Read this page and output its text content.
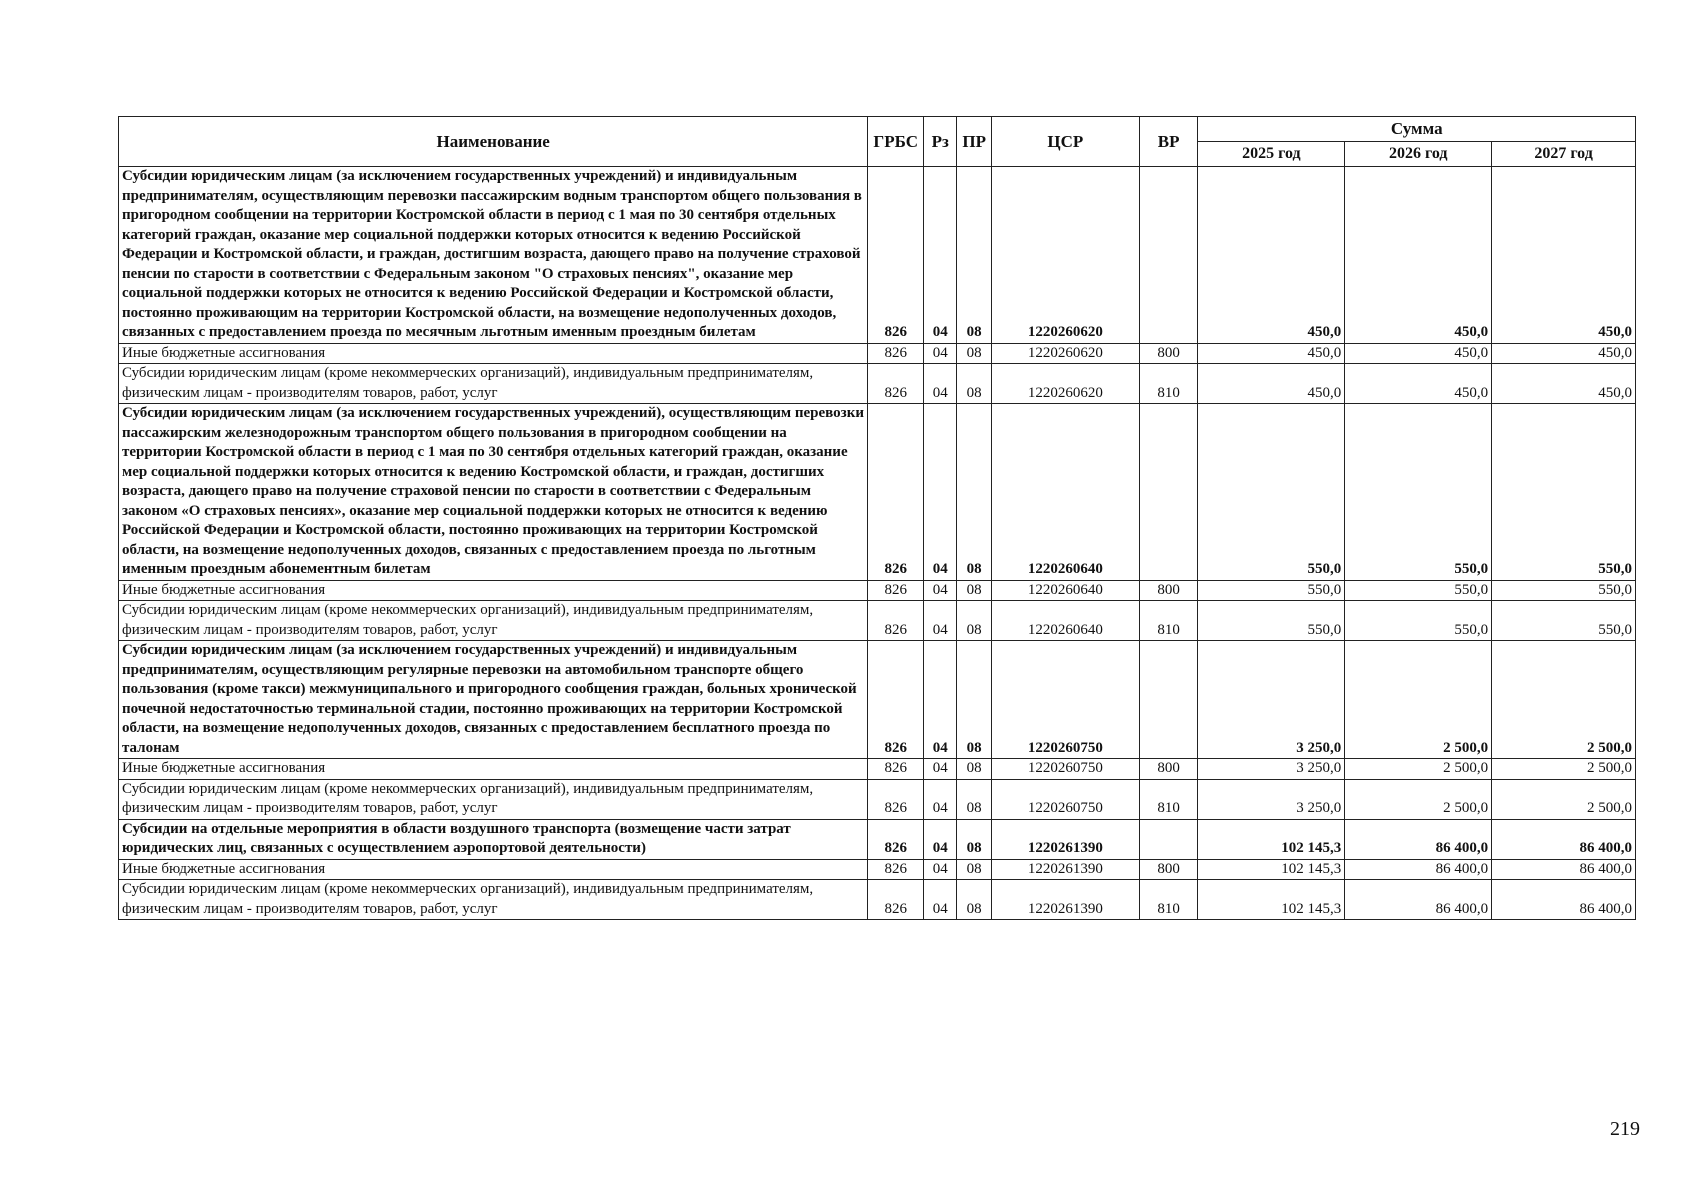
Наименование	ГРБС	Рз	ПР	ЦСР	ВР	Сумма		
						2025 год	2026 год	2027 год
Субсидии юридическим лицам (за исключением государственных учреждений) и индивидуальным предпринимателям, осуществляющим перевозки пассажирским водным транспортом общего пользования в пригородном сообщении на территории Костромской области в период с 1 мая по 30 сентября отдельных категорий граждан, оказание мер социальной поддержки которых относится к ведению Российской Федерации и Костромской области, и граждан, достигшим возраста, дающего право на получение страховой пенсии по старости в соответствии с Федеральным законом "О страховых пенсиях", оказание мер социальной поддержки которых не относится к ведению Российской Федерации и Костромской области, постоянно проживающим на территории Костромской области, на возмещение недополученных доходов, связанных с предоставлением проезда по месячным льготным именным проездным билетам	826	04	08	1220260620		450,0	450,0	450,0
Иные бюджетные ассигнования	826	04	08	1220260620	800	450,0	450,0	450,0
Субсидии юридическим лицам (кроме некоммерческих организаций), индивидуальным предпринимателям, физическим лицам - производителям товаров, работ, услуг	826	04	08	1220260620	810	450,0	450,0	450,0
Субсидии юридическим лицам (за исключением государственных учреждений), осуществляющим перевозки пассажирским железнодорожным транспортом общего пользования в пригородном сообщении на территории Костромской области в период с 1 мая по 30 сентября отдельных категорий граждан, оказание мер социальной поддержки которых относится к ведению Костромской области, и граждан, достигших возраста, дающего право на получение страховой пенсии по старости в соответствии с Федеральным законом «О страховых пенсиях», оказание мер социальной поддержки которых не относится к ведению Российской Федерации и Костромской области, постоянно проживающих на территории Костромской области, на возмещение недополученных доходов, связанных с предоставлением проезда по льготным именным проездным абонементным билетам	826	04	08	1220260640		550,0	550,0	550,0
Иные бюджетные ассигнования	826	04	08	1220260640	800	550,0	550,0	550,0
Субсидии юридическим лицам (кроме некоммерческих организаций), индивидуальным предпринимателям, физическим лицам - производителям товаров, работ, услуг	826	04	08	1220260640	810	550,0	550,0	550,0
Субсидии юридическим лицам (за исключением государственных учреждений) и индивидуальным предпринимателям, осуществляющим регулярные перевозки на автомобильном транспорте общего пользования (кроме такси) межмуниципального и пригородного сообщения граждан, больных хронической почечной недостаточностью терминальной стадии, постоянно проживающих на территории Костромской области, на возмещение недополученных доходов, связанных с предоставлением бесплатного проезда по талонам	826	04	08	1220260750		3 250,0	2 500,0	2 500,0
Иные бюджетные ассигнования	826	04	08	1220260750	800	3 250,0	2 500,0	2 500,0
Субсидии юридическим лицам (кроме некоммерческих организаций), индивидуальным предпринимателям, физическим лицам - производителям товаров, работ, услуг	826	04	08	1220260750	810	3 250,0	2 500,0	2 500,0
Субсидии на отдельные мероприятия в области воздушного транспорта (возмещение части затрат юридических лиц, связанных с осуществлением аэропортовой деятельности)	826	04	08	1220261390		102 145,3	86 400,0	86 400,0
Иные бюджетные ассигнования	826	04	08	1220261390	800	102 145,3	86 400,0	86 400,0
Субсидии юридическим лицам (кроме некоммерческих организаций), индивидуальным предпринимателям, физическим лицам - производителям товаров, работ, услуг	826	04	08	1220261390	810	102 145,3	86 400,0	86 400,0
219
